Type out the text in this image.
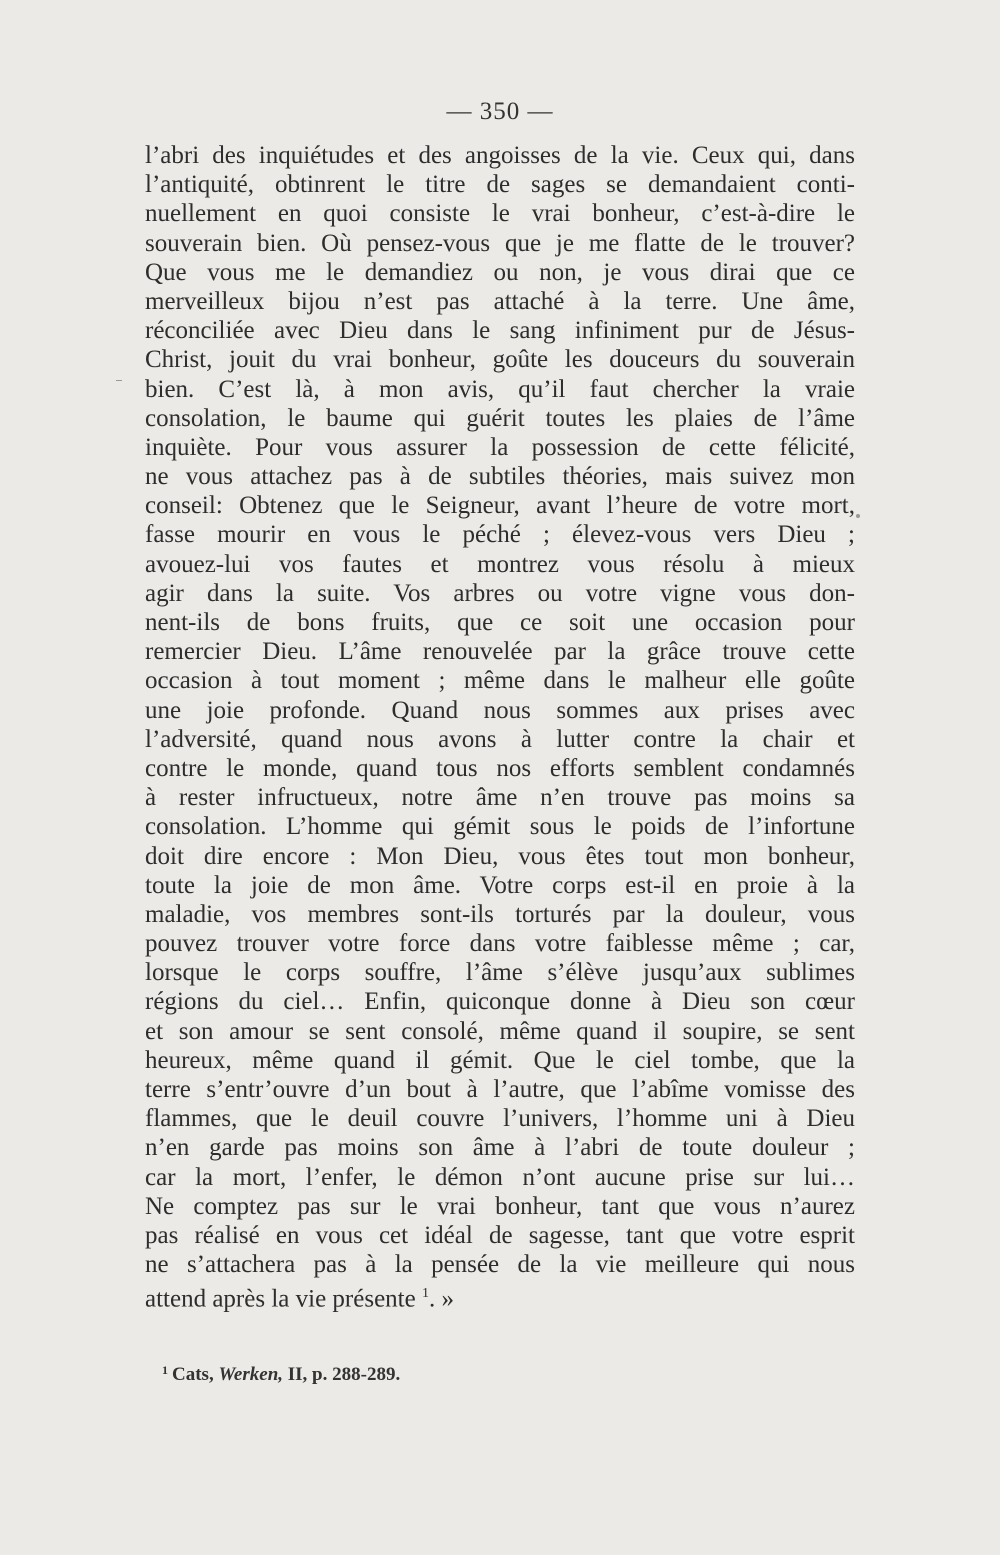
— 350 —
l’abri des inquiétudes et des angoisses de la vie. Ceux qui, dans
l’antiquité, obtinrent le titre de sages se demandaient conti-
nuellement en quoi consiste le vrai bonheur, c’est-à-dire le
souverain bien. Où pensez-vous que je me flatte de le trouver?
Que vous me le demandiez ou non, je vous dirai que ce
merveilleux bijou n’est pas attaché à la terre. Une âme,
réconciliée avec Dieu dans le sang infiniment pur de Jésus-
Christ, jouit du vrai bonheur, goûte les douceurs du souverain
bien. C’est là, à mon avis, qu’il faut chercher la vraie
consolation, le baume qui guérit toutes les plaies de l’âme
inquiète. Pour vous assurer la possession de cette félicité,
ne vous attachez pas à de subtiles théories, mais suivez mon
conseil: Obtenez que le Seigneur, avant l’heure de votre mort,
fasse mourir en vous le péché ; élevez-vous vers Dieu ;
avouez-lui vos fautes et montrez vous résolu à mieux
agir dans la suite. Vos arbres ou votre vigne vous don-
nent-ils de bons fruits, que ce soit une occasion pour
remercier Dieu. L’âme renouvelée par la grâce trouve cette
occasion à tout moment ; même dans le malheur elle goûte
une joie profonde. Quand nous sommes aux prises avec
l’adversité, quand nous avons à lutter contre la chair et
contre le monde, quand tous nos efforts semblent condamnés
à rester infructueux, notre âme n’en trouve pas moins sa
consolation. L’homme qui gémit sous le poids de l’infortune
doit dire encore : Mon Dieu, vous êtes tout mon bonheur,
toute la joie de mon âme. Votre corps est-il en proie à la
maladie, vos membres sont-ils torturés par la douleur, vous
pouvez trouver votre force dans votre faiblesse même ; car,
lorsque le corps souffre, l’âme s’élève jusqu’aux sublimes
régions du ciel… Enfin, quiconque donne à Dieu son cœur
et son amour se sent consolé, même quand il soupire, se sent
heureux, même quand il gémit. Que le ciel tombe, que la
terre s’entr’ouvre d’un bout à l’autre, que l’abîme vomisse des
flammes, que le deuil couvre l’univers, l’homme uni à Dieu
n’en garde pas moins son âme à l’abri de toute douleur ;
car la mort, l’enfer, le démon n’ont aucune prise sur lui…
Ne comptez pas sur le vrai bonheur, tant que vous n’aurez
pas réalisé en vous cet idéal de sagesse, tant que votre esprit
ne s’attachera pas à la pensée de la vie meilleure qui nous
attend après la vie présente $^1$. »
$^1$ Cats, Werken, II, p. 288-289.
